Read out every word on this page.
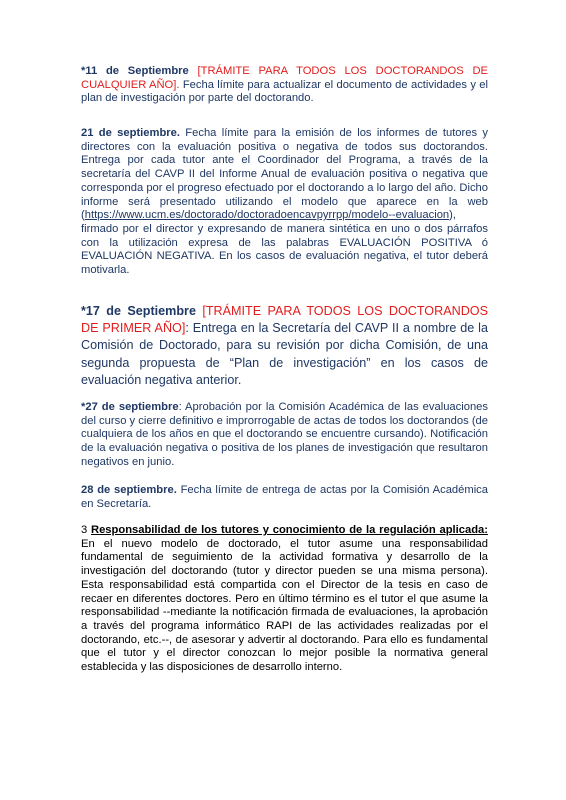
*11 de Septiembre [TRÁMITE PARA TODOS LOS DOCTORANDOS DE CUALQUIER AÑO]. Fecha límite para actualizar el documento de actividades y el plan de investigación por parte del doctorando.

21 de septiembre. Fecha límite para la emisión de los informes de tutores y directores con la evaluación positiva o negativa de todos sus doctorandos. Entrega por cada tutor ante el Coordinador del Programa, a través de la secretaría del CAVP II del Informe Anual de evaluación positiva o negativa que corresponda por el progreso efectuado por el doctorando a lo largo del año. Dicho informe será presentado utilizando el modelo que aparece en la web (https://www.ucm.es/doctorado/doctoradoencavpyrrpp/modelo--evaluacion), firmado por el director y expresando de manera sintética en uno o dos párrafos con la utilización expresa de las palabras EVALUACIÓN POSITIVA ó EVALUACIÓN NEGATIVA. En los casos de evaluación negativa, el tutor deberá motivarla.

*17 de Septiembre [TRÁMITE PARA TODOS LOS DOCTORANDOS DE PRIMER AÑO]: Entrega en la Secretaría del CAVP II a nombre de la Comisión de Doctorado, para su revisión por dicha Comisión, de una segunda propuesta de “Plan de investigación” en los casos de evaluación negativa anterior.

*27 de septiembre: Aprobación por la Comisión Académica de las evaluaciones del curso y cierre definitivo e improrrogable de actas de todos los doctorandos (de cualquiera de los años en que el doctorando se encuentre cursando). Notificación de la evaluación negativa o positiva de los planes de investigación que resultaron negativos en junio.

28 de septiembre. Fecha límite de entrega de actas por la Comisión Académica en Secretaría.

3 Responsabilidad de los tutores y conocimiento de la regulación aplicada: En el nuevo modelo de doctorado, el tutor asume una responsabilidad fundamental de seguimiento de la actividad formativa y desarrollo de la investigación del doctorando (tutor y director pueden se una misma persona). Esta responsabilidad está compartida con el Director de la tesis en caso de recaer en diferentes doctores. Pero en último término es el tutor el que asume la responsabilidad --mediante la notificación firmada de evaluaciones, la aprobación a través del programa informático RAPI de las actividades realizadas por el doctorando, etc.--, de asesorar y advertir al doctorando. Para ello es fundamental que el tutor y el director conozcan lo mejor posible la normativa general establecida y las disposiciones de desarrollo interno.
